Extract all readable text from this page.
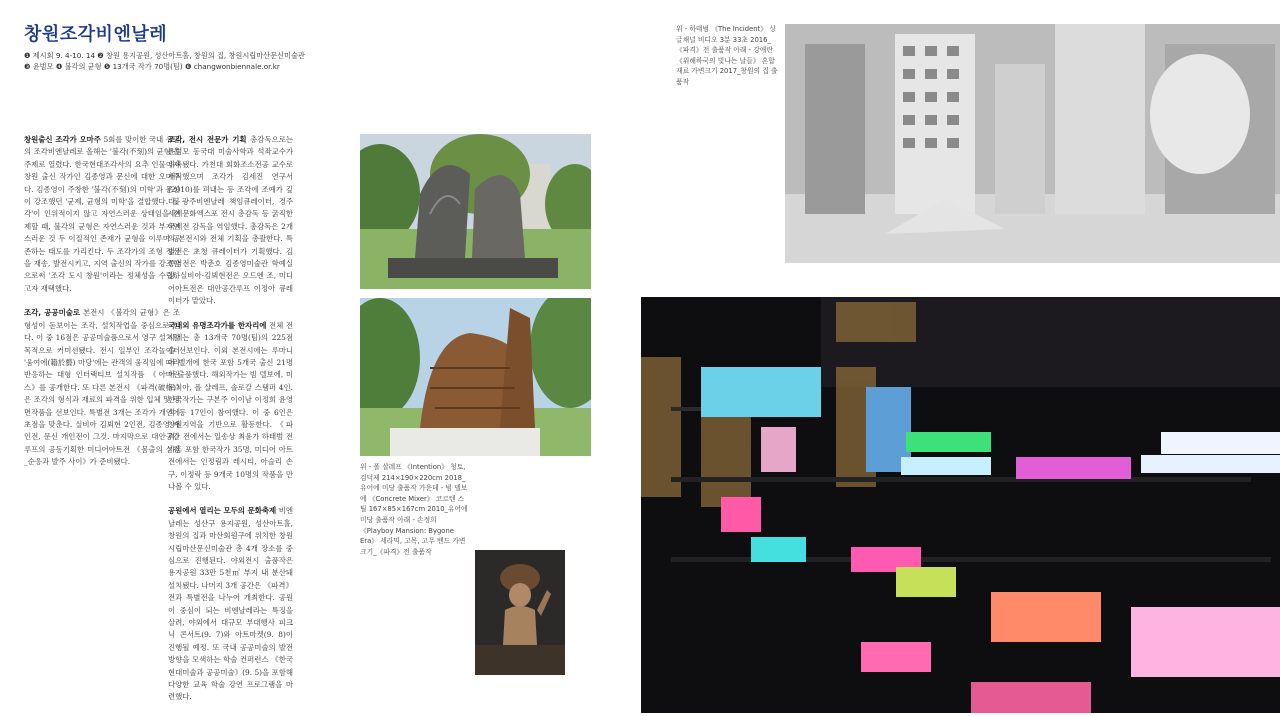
창원조각비엔날레
❶ 제시회 9. 4-10. 14 ❷ 창원 용지공원, 성산아트홀, 창원의 집, 창원시립마산문신미술관
❸ 윤범모 ❹ 불각의 균형 ❺ 13개국 작가 70명(팀) ❻ changwonbiennale.or.kr

창원출신 조각가 오마주 5회를 맞이한 국내 유일의 조각비엔날레로 올해는 '불각(不刻)의 균형'을 주제로 열렸다. 한국현대조각사의 요추 인물이자 창원 출신 작가인 김종영과 문신에 대한 오마주다. 김종영이 주창한 '불각(不刻)의 미학'과 문신이 강조했던 '균제, 균형의 미학'을 결합했다. '불각'이 인위적이지 않고 자연스러운 상태임을 전제할 때, 불각의 균형은 자연스러운 것과 부자연스러운 것 두 이질적인 존재가 균형을 이루며 공존하는 태도를 가리킨다. 두 조각가의 조형 정신을 재송, 발전시키고, 지역 출신의 작가를 강조함으로써 '조각 도시 창원'이라는 정체성을 수립하고자 재택했다.

조각, 공공미술로 본전시 《불각의 균형》은 조형성이 돋보이는 조각, 설치작업을 중심으로 한다. 이 중 16점은 공공미술품으로서 영구 설치할 목적으로 커미션됐다. 전시 일부인 조각놀이터 '움여에(籍於藝) 마당'에는 관객의 움직임에 따라 반응하는 대형 인터랙티브 설치작품 《아마란스》를 공개한다. 또 다른 본전시 《파격(破格)》은 조각의 형식과 재료의 파격을 위한 입체 및 평면작품을 선보인다. 특별전 3개는 조각가 개인에 초점을 맞춘다. 실비아 김뵈현 2인전, 김종영 개인전, 문신 개인전이 그것. 마지막으로 대안공간루프의 공동기획한 미디어아트전 《몸출의 실천_순응과 발주 사이》가 준비됐다.

조각, 전시 전문가 기획 총감독으로는 윤범모 동국대 미술사학과 석좌교수가 위촉됐다. 가천대 회화조소전공 교수로 재직했으며 조각가 김세진 연구서(2010)를 펴내는 등 조각에 조예가 깊다. 광주비엔날레 책임큐레이터, 경주 세계문화엑스포 전시 총감독 등 굵직한 국제전 감독을 역임했다. 총감독은 2개의 본전시와 전체 기획을 총괄한다. 특별전은 초청 큐레이터가 기획했다. 김종영전은 박춘호 김종영미술관 학예실장, 실비아-김뵈현전은 오드엔 조, 미디어아트전은 대안공간루프 이정아 큐레이터가 맡았다.

국내외 유명조각가를 한자리에 전체 전시에는 총 13개국 70명(팀)의 225점을 선보인다. 이외 본전시에는 루마니아 벨개에 한국 포함 5개국 출신 21명이 출품했다. 해외작가는 빔 델보에, 미르치아, 폴 샬레프, 솔로갈 스탬퍼 4인. 한국작가는 구본주 이이남 이정희 윤영석 등 17인이 참여했다. 이 중 6인은 창원지역을 기반으로 활동한다. 《파격》전에서는 일송상 최윤가 하태범 전가홍 포함 한국작가 35명, 미디어 아트전에서는 인정림과 레시티, 아슬리 손구, 이정락 등 9개국 10명의 작품을 만나볼 수 있다.

공원에서 열리는 모두의 문화축제 비엔날레는 성산구 용지공원, 성산아트홀, 창원의 집과 마산회원구에 위치한 창원시립마산문신미술관 총 4개 장소를 중심으로 진행된다. 야외전시 출품작은 용지공원 33만 5천㎡ 부지 내 분산돼 설치됐다. 나머지 3개 공간은 《파격》전과 특별전을 나누어 개최한다. 공원이 중심이 되는 비엔날레라는 특징을 살려, 야외에서 대규모 부대행사 피크닉 콘서트(9. 7)와 아트마켓(9. 8)이 진행될 예정. 또 국내 공공미술의 발전방향을 모색하는 학술 컨퍼런스 《한국현대미술과 공공미술》(9. 5)을 포함해 다양한 교육 학술 강연 프로그램을 마련했다.

위 - 폴 샬레프 《Intention》 청토, 검덕제 214×190×220cm 2018_유어에 미당 출품작 가운데 - 빔 델보에 《Concrete Mixer》 코르텐 스틸 167×85×167cm 2010_유어에 미당 출품작 아래 - 손정희 《Playboy Mansion: Bygone Era》 세라믹, 고목, 고무 밴드 가변크기_《파격》전 출품작
위 - 하태범 《The Incident》 싱글채널 비디오 3분 33초 2016_《파격》전 출품작 아래 - 강애란 《위해하국의 빛나는 날들》 혼합재료 가변크기 2017_창원의 집 출품작
